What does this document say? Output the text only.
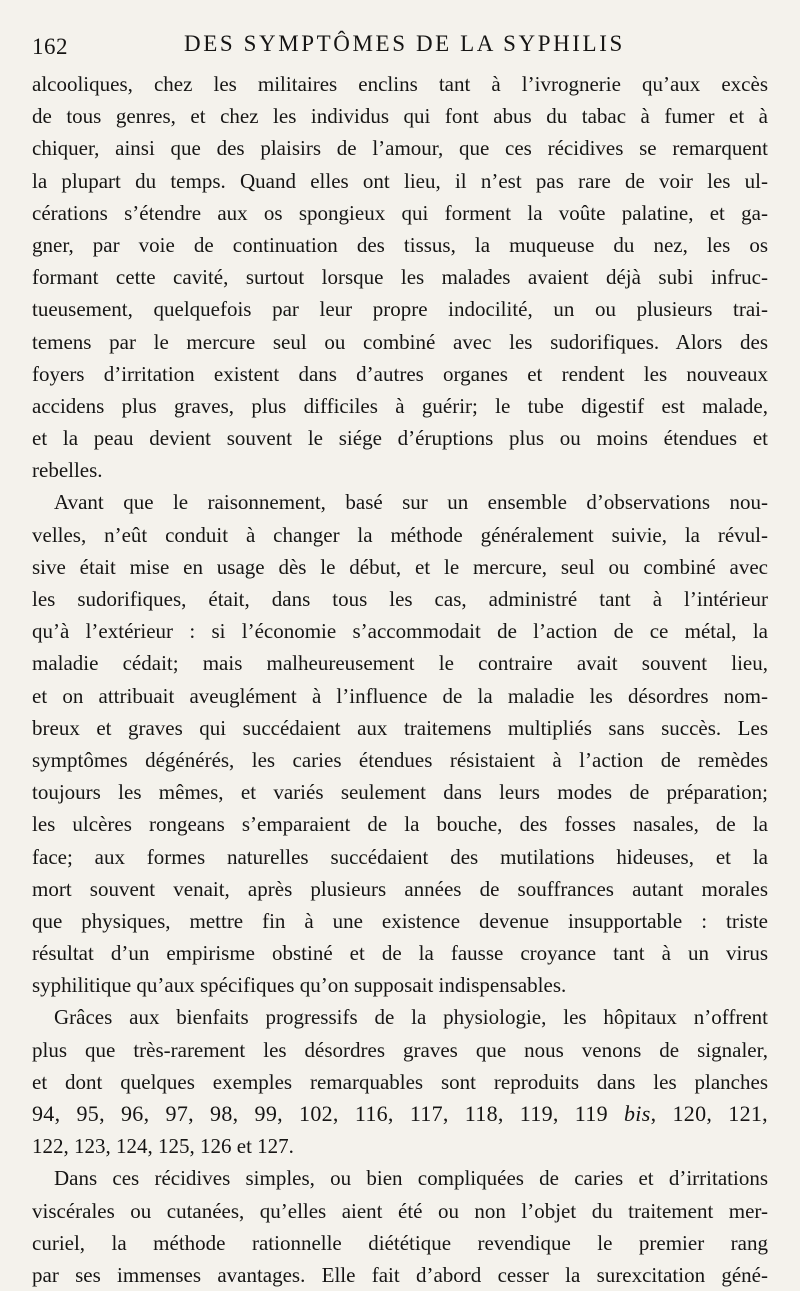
162	DES SYMPTÔMES DE LA SYPHILIS

alcooliques, chez les militaires enclins tant à l’ivrognerie qu’aux excès
de tous genres, et chez les individus qui font abus du tabac à fumer et à
chiquer, ainsi que des plaisirs de l’amour, que ces récidives se remarquent
la plupart du temps. Quand elles ont lieu, il n’est pas rare de voir les ul-
cérations s’étendre aux os spongieux qui forment la voûte palatine, et ga-
gner, par voie de continuation des tissus, la muqueuse du nez, les os
formant cette cavité, surtout lorsque les malades avaient déjà subi infruc-
tueusement, quelquefois par leur propre indocilité, un ou plusieurs trai-
temens par le mercure seul ou combiné avec les sudorifiques. Alors des
foyers d’irritation existent dans d’autres organes et rendent les nouveaux
accidens plus graves, plus difficiles à guérir; le tube digestif est malade,
et la peau devient souvent le siége d’éruptions plus ou moins étendues et
rebelles.

Avant que le raisonnement, basé sur un ensemble d’observations nou-
velles, n’eût conduit à changer la méthode généralement suivie, la révul-
sive était mise en usage dès le début, et le mercure, seul ou combiné avec
les sudorifiques, était, dans tous les cas, administré tant à l’intérieur
qu’à l’extérieur : si l’économie s’accommodait de l’action de ce métal, la
maladie cédait; mais malheureusement le contraire avait souvent lieu,
et on attribuait aveuglément à l’influence de la maladie les désordres nom-
breux et graves qui succédaient aux traitemens multipliés sans succès. Les
symptômes dégénérés, les caries étendues résistaient à l’action de remèdes
toujours les mêmes, et variés seulement dans leurs modes de préparation;
les ulcères rongeans s’emparaient de la bouche, des fosses nasales, de la
face; aux formes naturelles succédaient des mutilations hideuses, et la
mort souvent venait, après plusieurs années de souffrances autant morales
que physiques, mettre fin à une existence devenue insupportable : triste
résultat d’un empirisme obstiné et de la fausse croyance tant à un virus
syphilitique qu’aux spécifiques qu’on supposait indispensables.

Grâces aux bienfaits progressifs de la physiologie, les hôpitaux n’offrent
plus que très-rarement les désordres graves que nous venons de signaler,
et dont quelques exemples remarquables sont reproduits dans les planches
94, 95, 96, 97, 98, 99, 102, 116, 117, 118, 119, 119 bis, 120, 121,
122, 123, 124, 125, 126 et 127.

Dans ces récidives simples, ou bien compliquées de caries et d’irritations
viscérales ou cutanées, qu’elles aient été ou non l’objet du traitement mer-
curiel, la méthode rationnelle diététique revendique le premier rang
par ses immenses avantages. Elle fait d’abord cesser la surexcitation géné-
